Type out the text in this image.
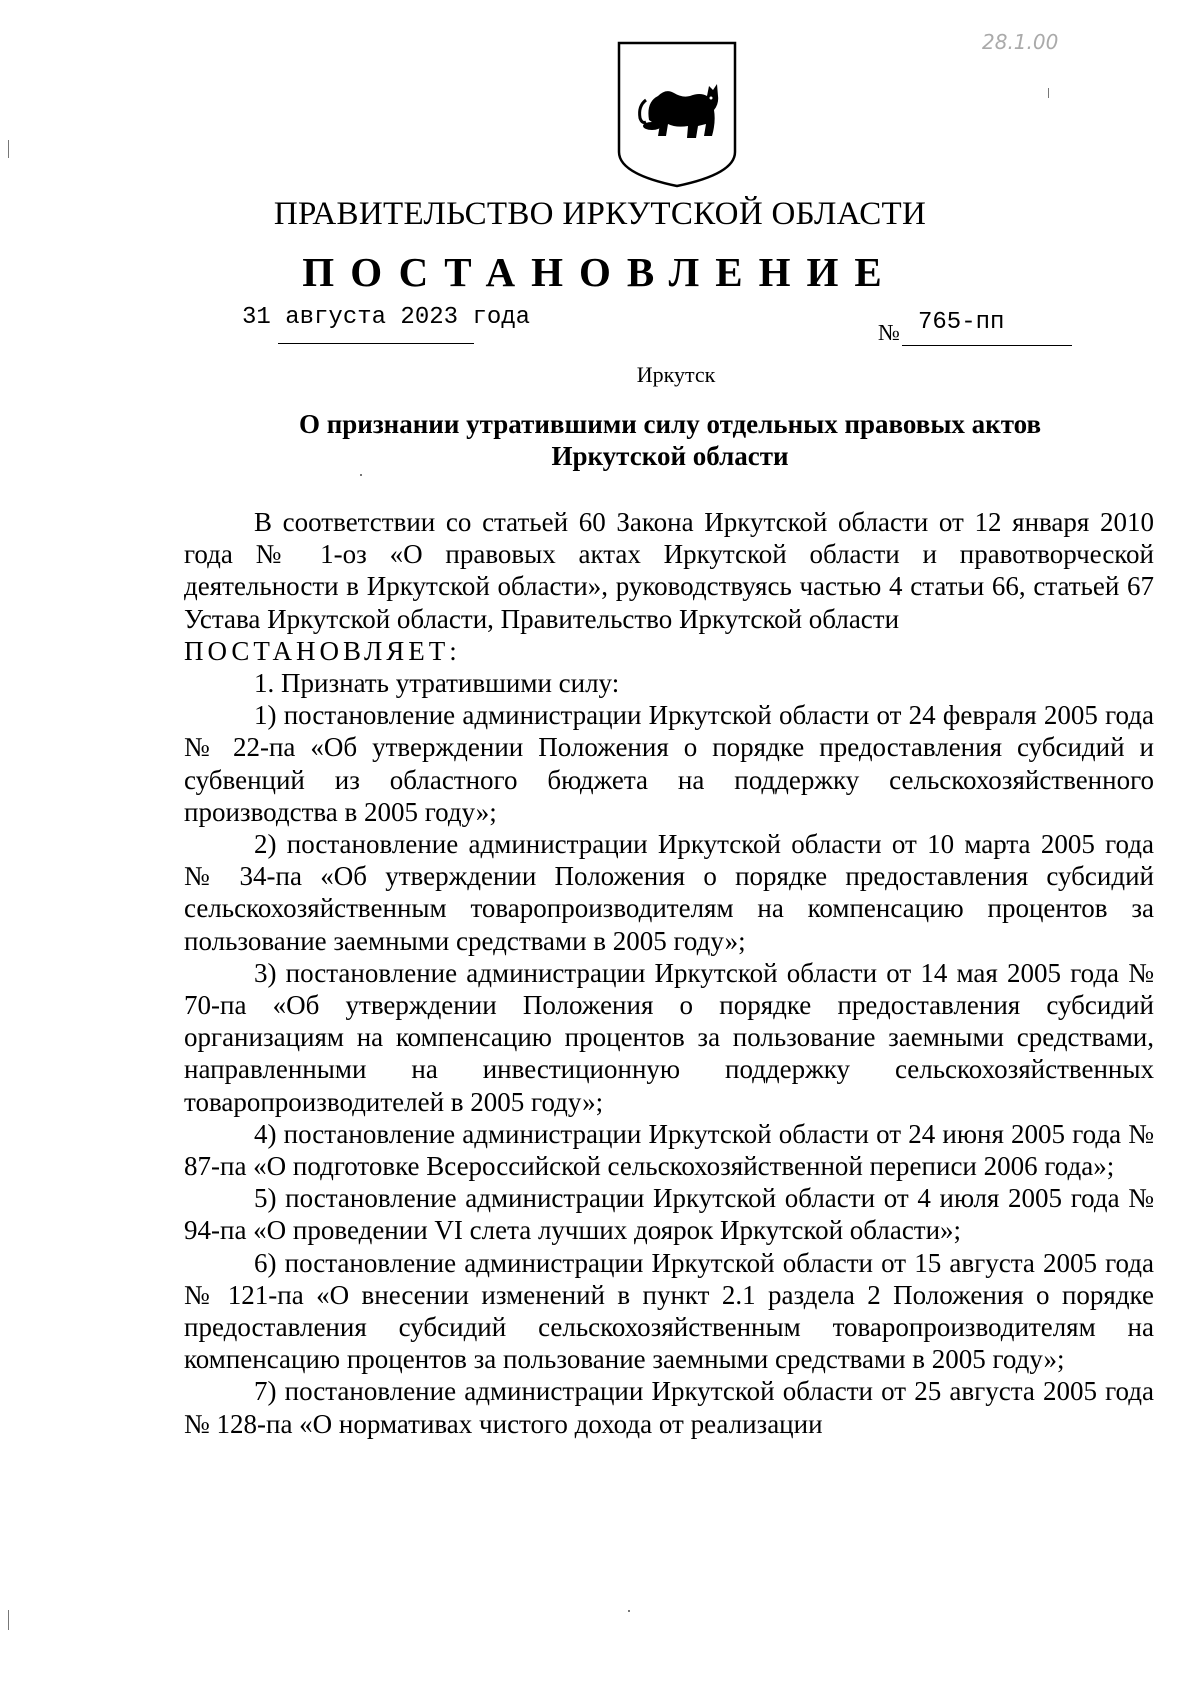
28.1.00
ПРАВИТЕЛЬСТВО ИРКУТСКОЙ ОБЛАСТИ
ПОСТАНОВЛЕНИЕ
31 августа 2023 года
№ 765-пп
Иркутск
О признании утратившими силу отдельных правовых актов
Иркутской области

В соответствии со статьей 60 Закона Иркутской области от 12 января 2010 года № 1-оз «О правовых актах Иркутской области и правотворческой деятельности в Иркутской области», руководствуясь частью 4 статьи 66, статьей 67 Устава Иркутской области, Правительство Иркутской области

ПОСТАНОВЛЯЕТ:

1. Признать утратившими силу:

1) постановление администрации Иркутской области от 24 февраля 2005 года № 22-па «Об утверждении Положения о порядке предоставления субсидий и субвенций из областного бюджета на поддержку сельскохозяйственного производства в 2005 году»;

2) постановление администрации Иркутской области от 10 марта 2005 года № 34-па «Об утверждении Положения о порядке предоставления субсидий сельскохозяйственным товаропроизводителям на компенсацию процентов за пользование заемными средствами в 2005 году»;

3) постановление администрации Иркутской области от 14 мая 2005 года № 70-па «Об утверждении Положения о порядке предоставления субсидий организациям на компенсацию процентов за пользование заемными средствами, направленными на инвестиционную поддержку сельскохозяйственных товаропроизводителей в 2005 году»;

4) постановление администрации Иркутской области от 24 июня 2005 года № 87-па «О подготовке Всероссийской сельскохозяйственной переписи 2006 года»;

5) постановление администрации Иркутской области от 4 июля 2005 года № 94-па «О проведении VI слета лучших доярок Иркутской области»;

6) постановление администрации Иркутской области от 15 августа 2005 года № 121-па «О внесении изменений в пункт 2.1 раздела 2 Положения о порядке предоставления субсидий сельскохозяйственным товаропроизводителям на компенсацию процентов за пользование заемными средствами в 2005 году»;

7) постановление администрации Иркутской области от 25 августа 2005 года № 128-па «О нормативах чистого дохода от реализации
